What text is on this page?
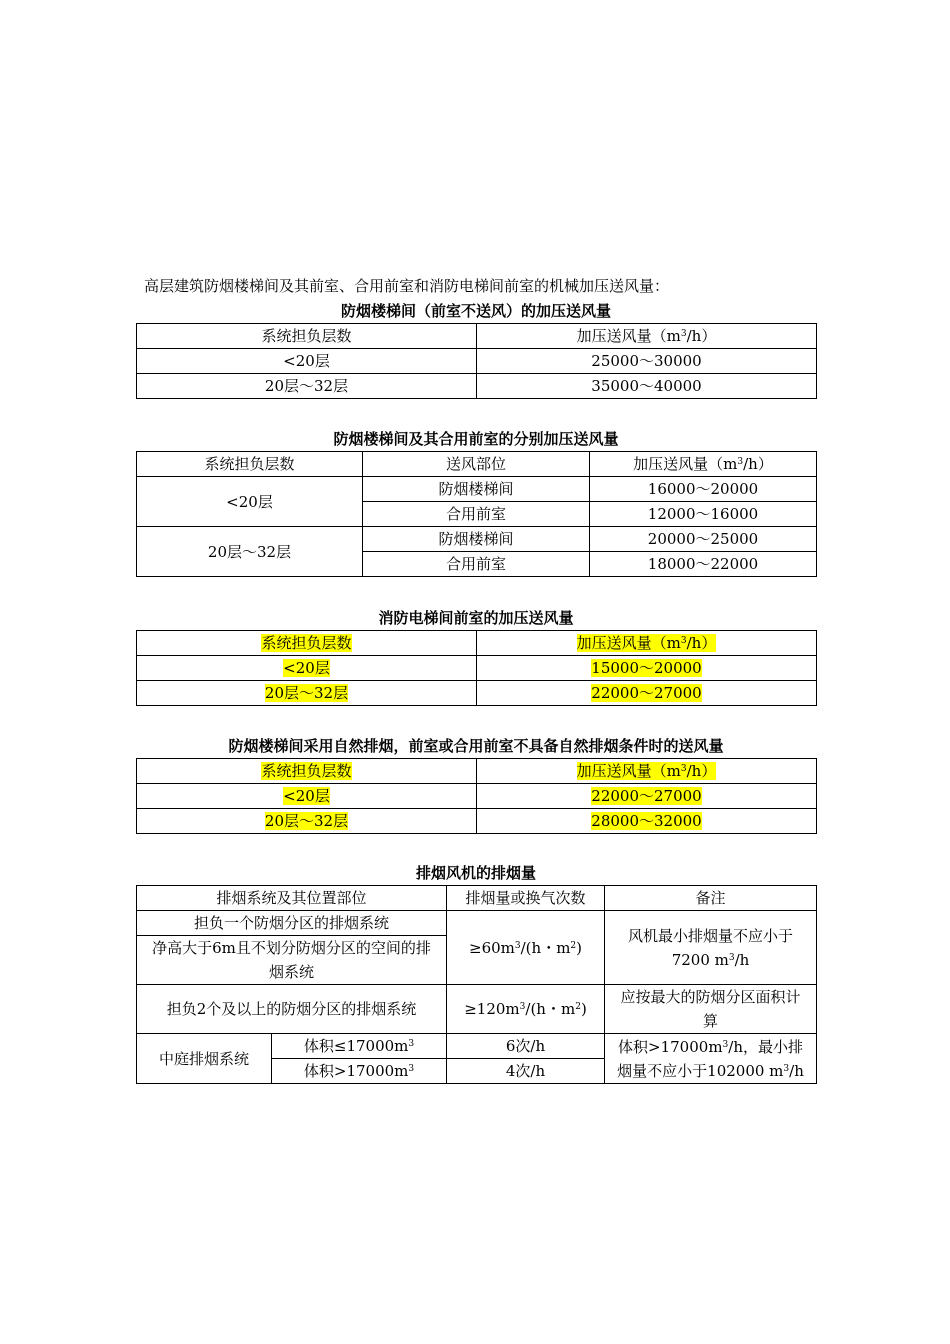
高层建筑防烟楼梯间及其前室、合用前室和消防电梯间前室的机械加压送风量：
防烟楼梯间（前室不送风）的加压送风量
系统担负层数	加压送风量$(m^3/h)$
<20层	25000～30000
20层～32层	35000～40000
防烟楼梯间及其合用前室的分别加压送风量
系统担负层数	送风部位	加压送风量$(m^3/h)$
<20层	防烟楼梯间	16000～20000
	合用前室	12000～16000
20层～32层	防烟楼梯间	20000～25000
	合用前室	18000～22000
消防电梯间前室的加压送风量
系统担负层数	加压送风量$(m^3/h)$
<20层	15000～20000
20层～32层	22000～27000
防烟楼梯间采用自然排烟，前室或合用前室不具备自然排烟条件时的送风量
系统担负层数	加压送风量$(m^3/h)$
<20层	22000～27000
20层～32层	28000～32000
排烟风机的排烟量
排烟系统及其位置部位		排烟量或换气次数	备注
担负一个防烟分区的排烟系统		$\ge 60m^3/(h$・$m^2$)	风机最小排烟量不应小于7200 $m^3/h$
净高大于6m且不划分防烟分区的空间的排烟系统			
担负2个及以上的防烟分区的排烟系统		$\ge 120m^3/(h$・$m^2$)	应按最大的防烟分区面积计算
中庭排烟系统	体积$\le 17000m^3$	6次/h	体积$>17000m^3/h$，最小排烟量不应小于102000 $m^3/h$
	体积$>17000m^3$	4次/h	
